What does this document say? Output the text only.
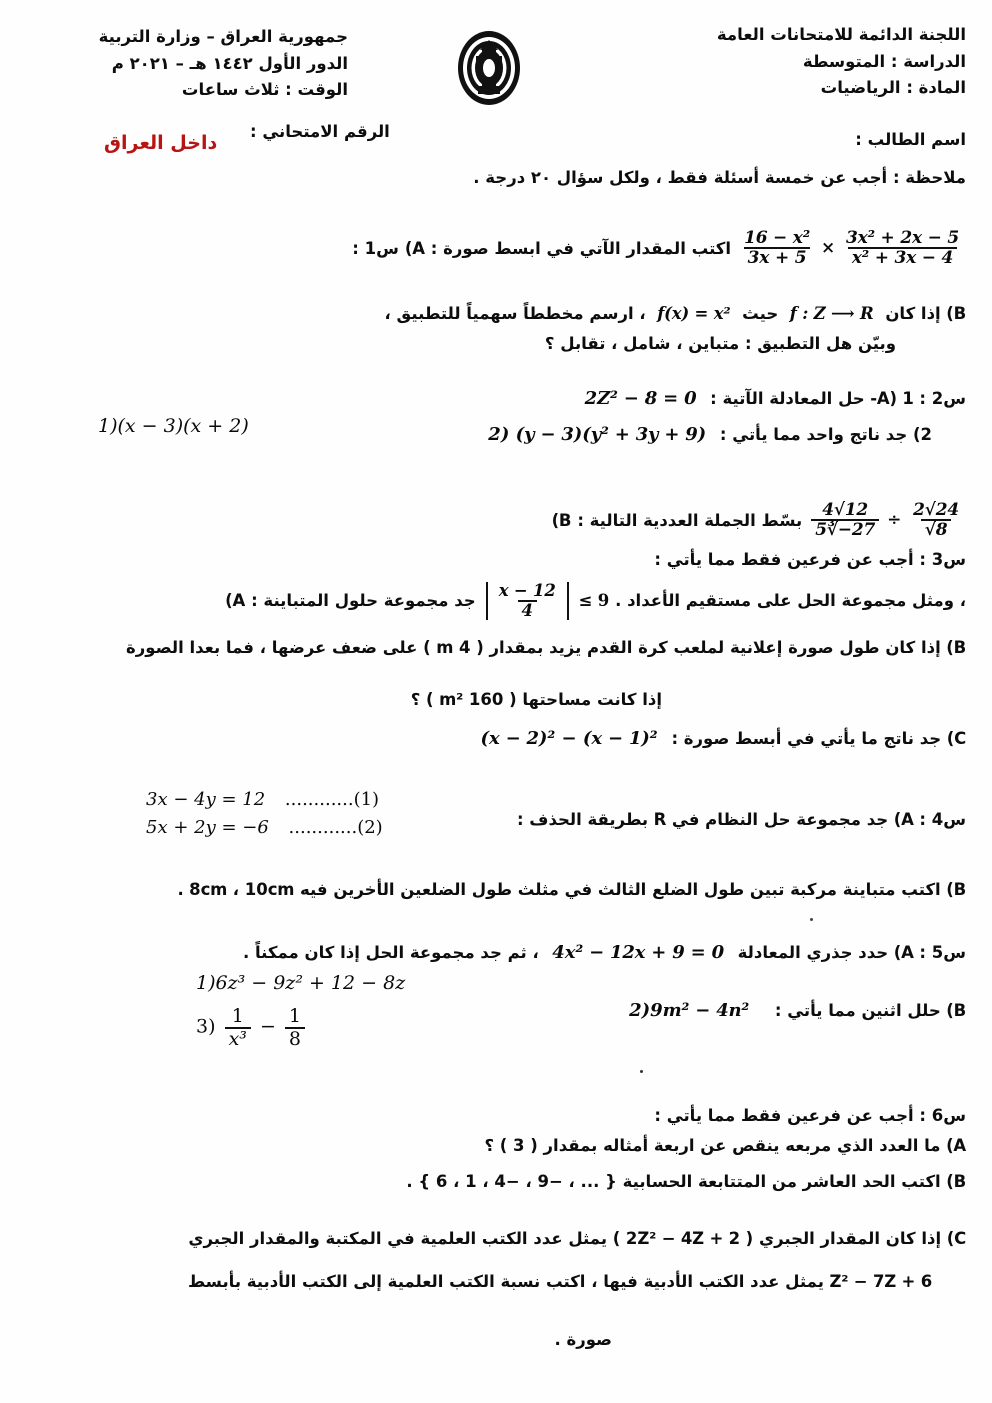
اللجنة الدائمة للامتحانات العامة
الدراسة : المتوسطة
المادة : الرياضيات
جمهورية العراق – وزارة التربية
الدور الأول ١٤٤٢ هـ – ٢٠٢١ م
الوقت : ثلاث ساعات
اسم الطالب :
الرقم الامتحاني :
داخل العراق
ملاحظة : أجب عن خمسة أسئلة فقط ، ولكل سؤال ٢٠ درجة .
س1 : A) اكتب المقدار الآتي في ابسط صورة : $\frac{\text{16 − x²}}{3x + 5} \times \frac{\text{3x² + 2x − 5}}{\text{x² + 3x − 4}}$
B) إذا كان f : Z ⟶ R حيث f(x) = x² ، ارسم مخططاً سهمياً للتطبيق ،
وبيّن هل التطبيق : متباين ، شامل ، تقابل ؟
س2 : A) 1- حل المعادلة الآتية : 2Z² − 8 = 0
2) جد ناتج واحد مما يأتي : 2) (y − 3)(y² + 3y + 9)
1)(x − 3)(x + 2)
B) بسّط الجملة العددية التالية : $\frac{4√12}{5∛-27} \div \frac{2√24}{√8}$
س3 : أجب عن فرعين فقط مما يأتي :
A) جد مجموعة حلول المتباينة : $\frac{x - 12}{4} \le 9$ ، ومثل مجموعة الحل على مستقيم الأعداد .
B) إذا كان طول صورة إعلانية لملعب كرة القدم يزيد بمقدار ( 4 m ) على ضعف عرضها ، فما بعدا الصورة
إذا كانت مساحتها ( 160 m² ) ؟
C) جد ناتج ما يأتي في أبسط صورة : (x − 2)² − (x − 1)²
س4 : A) جد مجموعة حل النظام في R بطريقة الحذف :
3x − 4y = 12 ............(1)
5x + 2y = −6 ............(2)
B) اكتب متباينة مركبة تبين طول الضلع الثالث في مثلث طول الضلعين الأخرين فيه 8cm ، 10cm .
س5 : A) حدد جذري المعادلة 4x² − 12x + 9 = 0 ، ثم جد مجموعة الحل إذا كان ممكناً .
B) حلل اثنين مما يأتي : 2)9m² − 4n²
1)6z³ − 9z² + 12 − 8z
$3) \frac{1}{\text{x³}} - \frac{1}{8}$
س6 : أجب عن فرعين فقط مما يأتي :
A) ما العدد الذي مربعه ينقص عن اربعة أمثاله بمقدار ( 3 ) ؟
B) اكتب الحد العاشر من المتتابعة الحسابية { ... ، −9 ، −4 ، 1 ، 6 } .
C) إذا كان المقدار الجبري ( 2Z² − 4Z + 2 ) يمثل عدد الكتب العلمية في المكتبة والمقدار الجبري
Z² − 7Z + 6 يمثل عدد الكتب الأدبية فيها ، اكتب نسبة الكتب العلمية إلى الكتب الأدبية بأبسط
صورة .
